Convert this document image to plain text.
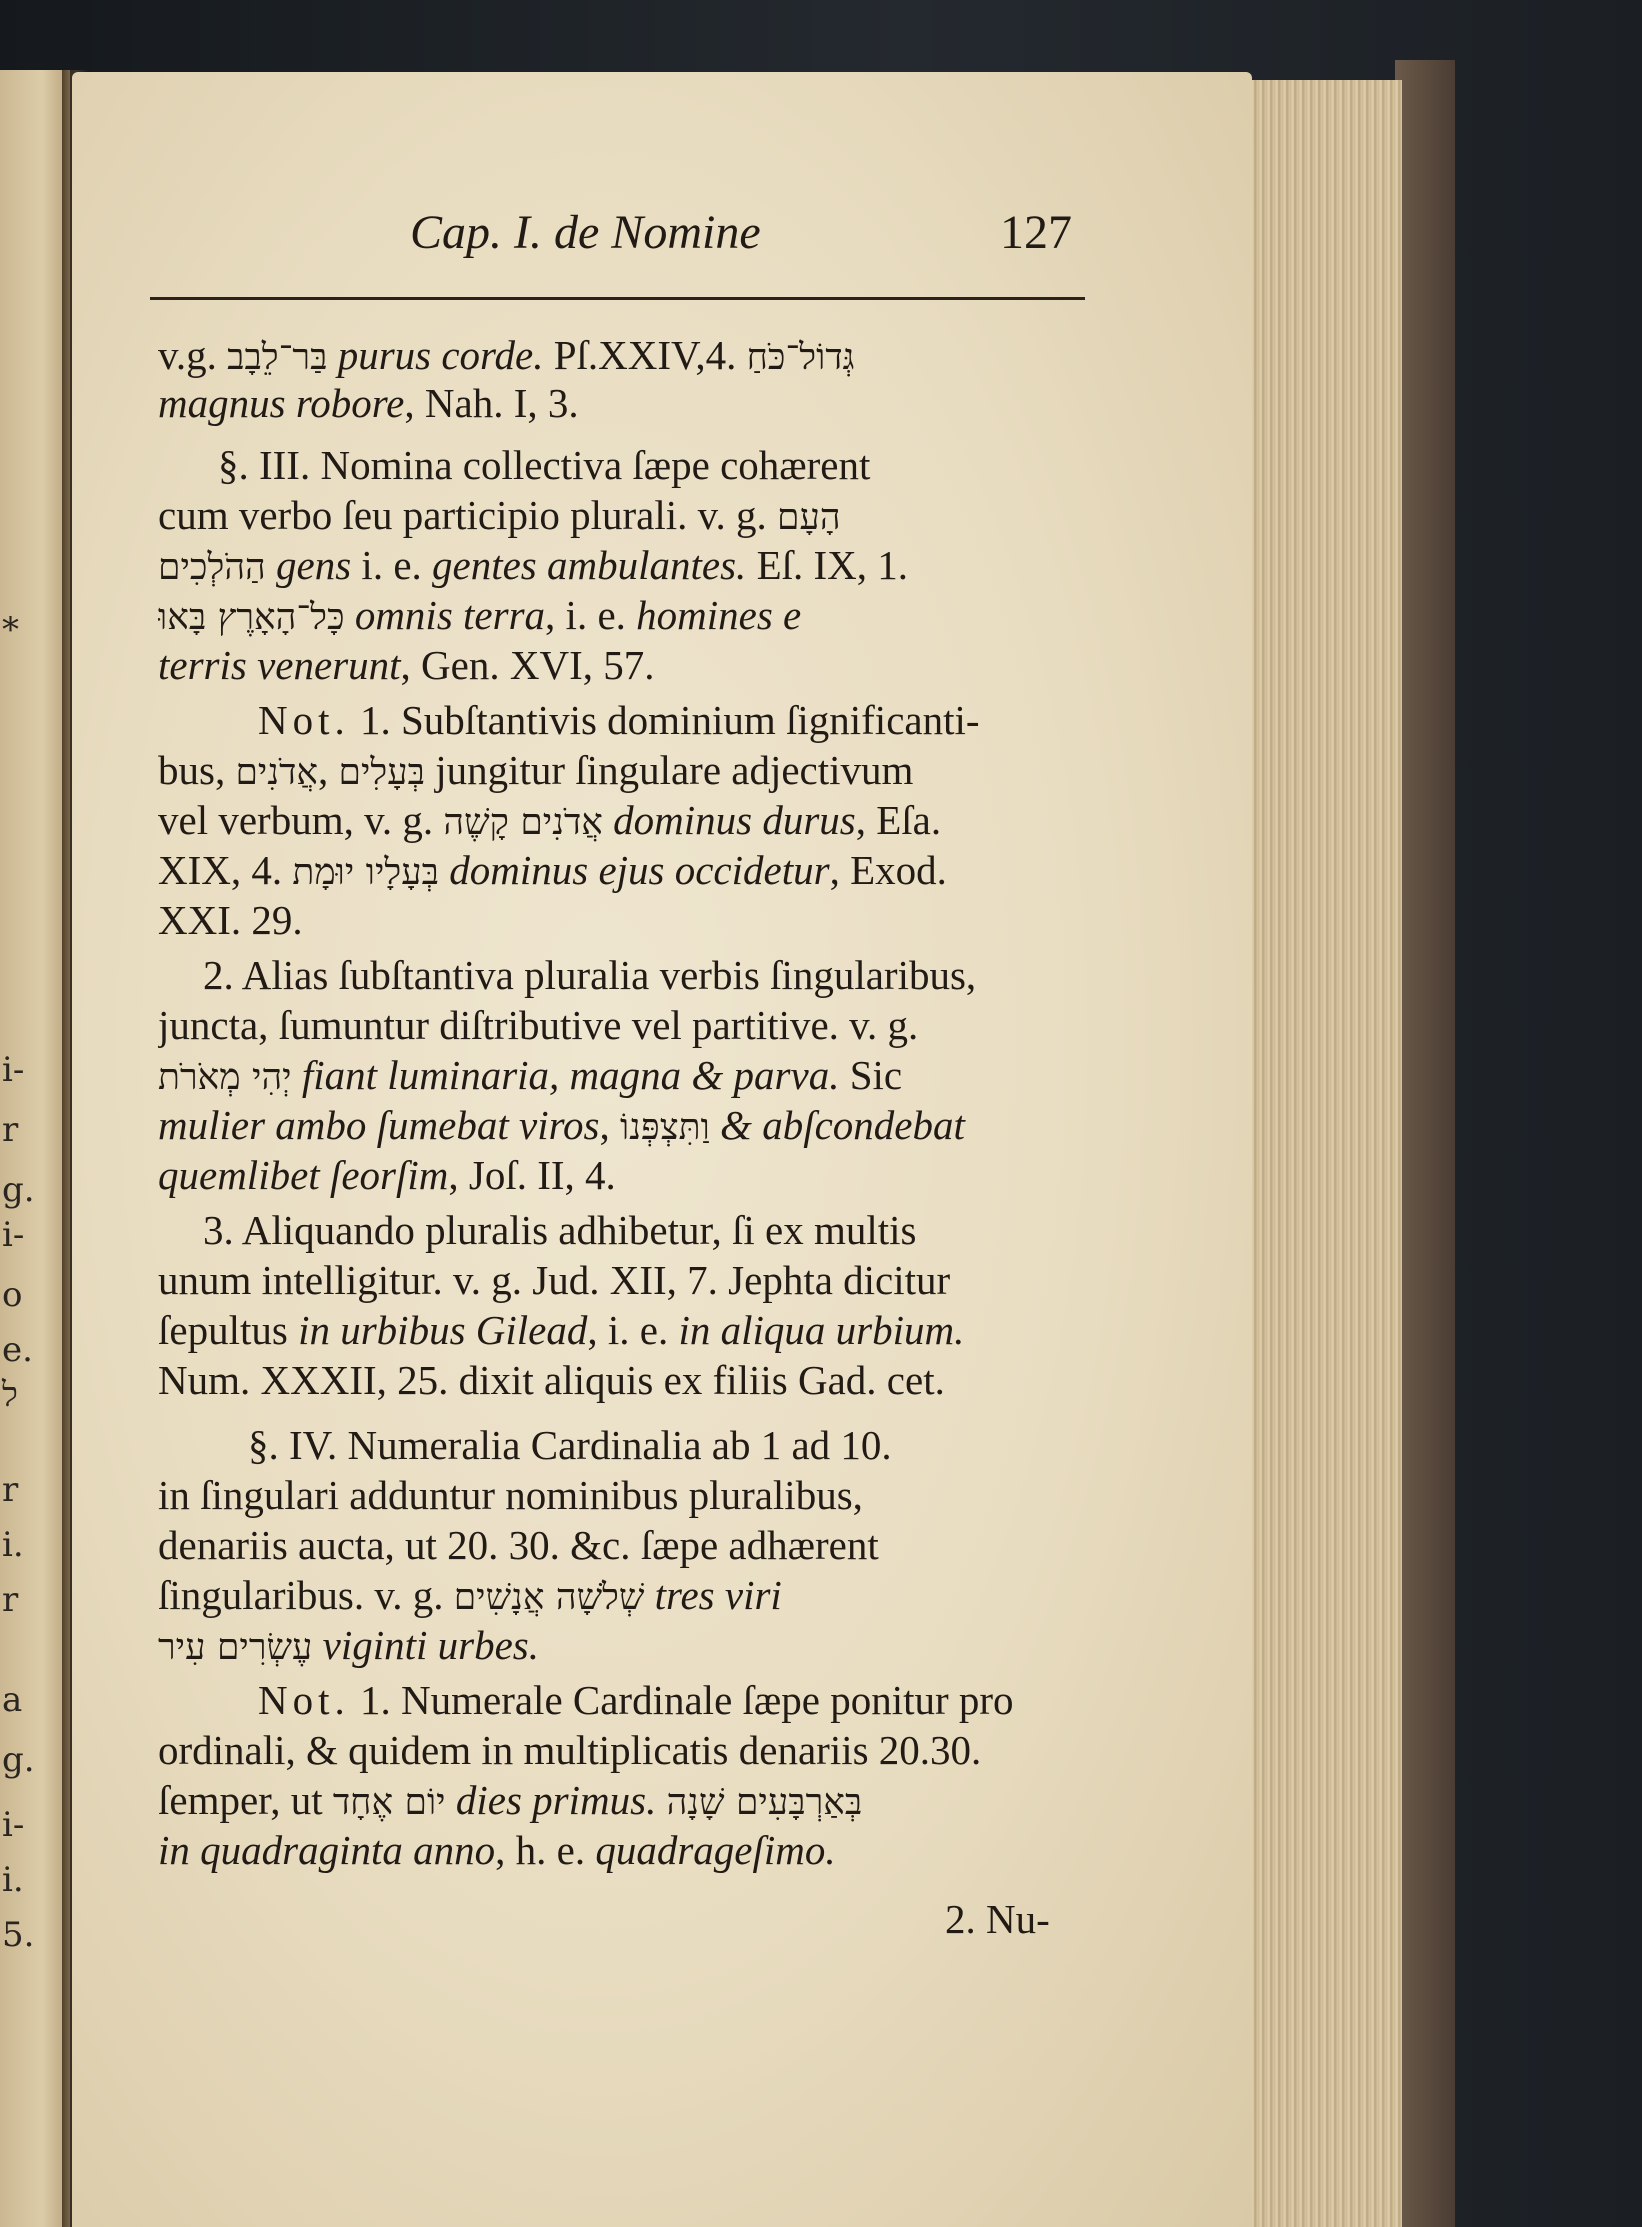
*
i-
r
g.
i-
o
e.
ל
r
i.
r
a
g.
i-
i.
5.
Cap. I. de Nomine	127
v.g. בַּר־לֵבָב purus corde. Pſ.XXIV,4. גְּדוֹל־כֹּחַ
magnus robore, Nah. I, 3.
§. III. Nomina collectiva ſæpe cohærent
cum verbo ſeu participio plurali. v. g. הָעָם
הַהֹלְכִים gens i. e. gentes ambulantes. Eſ. IX, 1.
כָּל־הָאָרֶץ בָּאוּ omnis terra, i. e. homines e
terris venerunt, Gen. XVI, 57.
Not. 1. Subſtantivis dominium ſignificanti-
bus, אֲדֹנִים, בְּעָלִים jungitur ſingulare adjectivum
vel verbum, v. g. אֲדֹנִים קָשֶׁה dominus durus, Eſa.
XIX, 4. בְּעָלָיו יוּמָת dominus ejus occidetur, Exod.
XXI. 29.
2. Alias ſubſtantiva pluralia verbis ſingularibus,
juncta, ſumuntur diſtributive vel partitive. v. g.
יְהִי מְאֹרֹת fiant luminaria, magna & parva. Sic
mulier ambo ſumebat viros, וַתִּצְפְּנוֹ & abſcondebat
quemlibet ſeorſim, Joſ. II, 4.
3. Aliquando pluralis adhibetur, ſi ex multis
unum intelligitur. v. g. Jud. XII, 7. Jephta dicitur
ſepultus in urbibus Gilead, i. e. in aliqua urbium.
Num. XXXII, 25. dixit aliquis ex filiis Gad. cet.
§. IV. Numeralia Cardinalia ab 1 ad 10.
in ſingulari adduntur nominibus pluralibus,
denariis aucta, ut 20. 30. &c. ſæpe adhærent
ſingularibus. v. g. שְׁלֹשָׁה אֲנָשִׁים tres viri
עֶשְׂרִים עִיר viginti urbes.
Not. 1. Numerale Cardinale ſæpe ponitur pro
ordinali, & quidem in multiplicatis denariis 20.30.
ſemper, ut יוֹם אֶחָד dies primus. בְּאַרְבָּעִים שָׁנָה
in quadraginta anno, h. e. quadrageſimo.
2. Nu-
